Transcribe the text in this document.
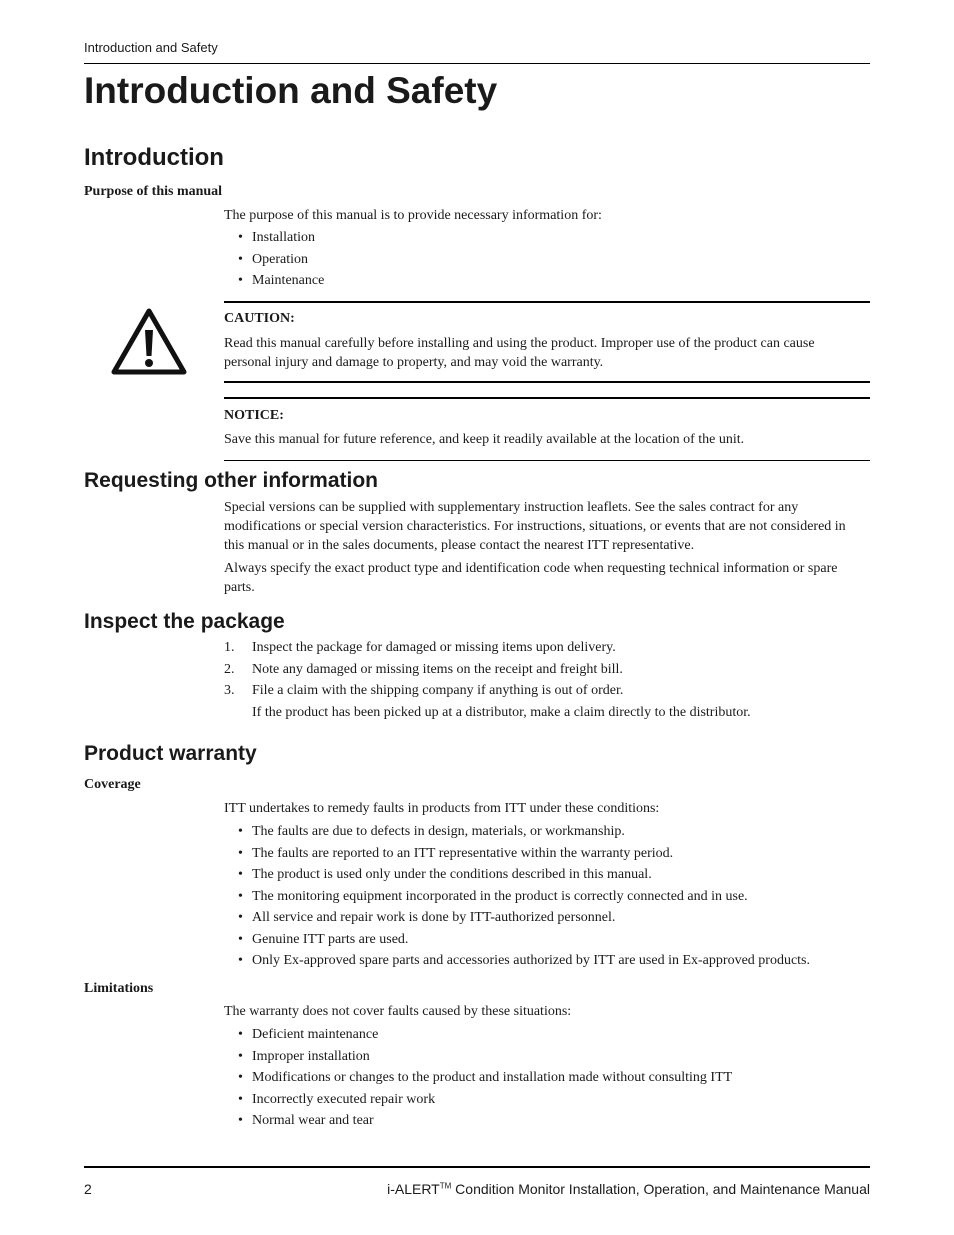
Introduction and Safety
Introduction and Safety
Introduction
Purpose of this manual

The purpose of this manual is to provide necessary information for:

• Installation
• Operation
• Maintenance
CAUTION:

Read this manual carefully before installing and using the product. Improper use of the product can cause personal injury and damage to property, and may void the warranty.

NOTICE:

Save this manual for future reference, and keep it readily available at the location of the unit.

Requesting other information

Special versions can be supplied with supplementary instruction leaflets. See the sales contract for any modifications or special version characteristics. For instructions, situations, or events that are not considered in this manual or in the sales documents, please contact the nearest ITT representative.

Always specify the exact product type and identification code when requesting technical information or spare parts.

Inspect the package
1. Inspect the package for damaged or missing items upon delivery.
2. Note any damaged or missing items on the receipt and freight bill.
3. File a claim with the shipping company if anything is out of order.
If the product has been picked up at a distributor, make a claim directly to the distributor.
Product warranty
Coverage

ITT undertakes to remedy faults in products from ITT under these conditions:

• The faults are due to defects in design, materials, or workmanship.
• The faults are reported to an ITT representative within the warranty period.
• The product is used only under the conditions described in this manual.
• The monitoring equipment incorporated in the product is correctly connected and in use.
• All service and repair work is done by ITT-authorized personnel.
• Genuine ITT parts are used.
• Only Ex-approved spare parts and accessories authorized by ITT are used in Ex-approved products.
Limitations

The warranty does not cover faults caused by these situations:

• Deficient maintenance
• Improper installation
• Modifications or changes to the product and installation made without consulting ITT
• Incorrectly executed repair work
• Normal wear and tear
2	i-ALERT™ Condition Monitor Installation, Operation, and Maintenance Manual
